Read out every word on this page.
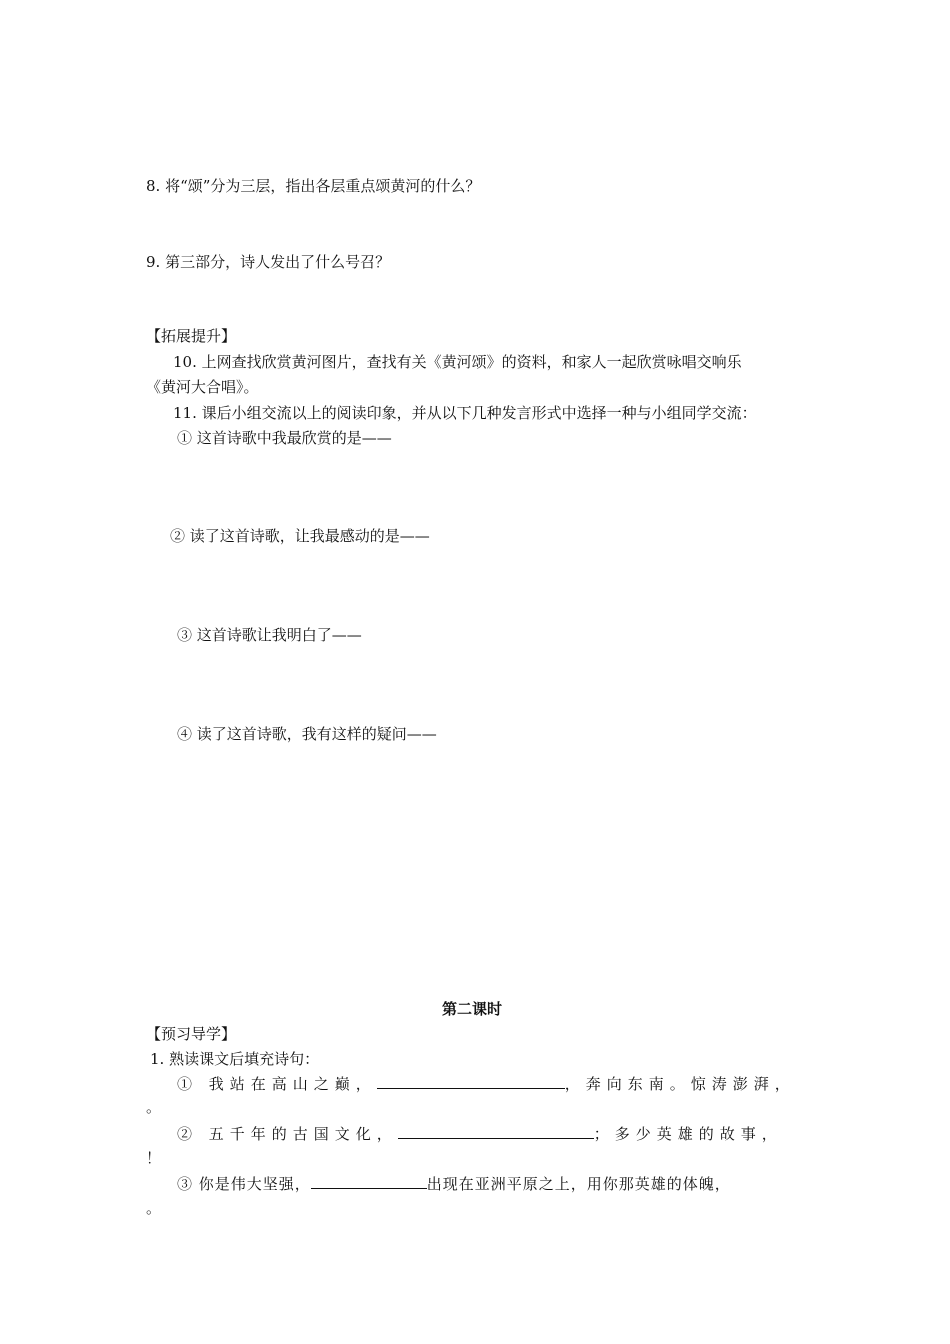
8. 将“颂”分为三层，指出各层重点颂黄河的什么？
9. 第三部分，诗人发出了什么号召？
【拓展提升】
10. 上网查找欣赏黄河图片，查找有关《黄河颂》的资料，和家人一起欣赏咏唱交响乐
《黄河大合唱》。
11. 课后小组交流以上的阅读印象，并从以下几种发言形式中选择一种与小组同学交流：
① 这首诗歌中我最欣赏的是——
② 读了这首诗歌，让我最感动的是——
③ 这首诗歌让我明白了——
④ 读了这首诗歌，我有这样的疑问——
第二课时
【预习导学】
1. 熟读课文后填充诗句：
① 我站在高山之巅，	，奔向东南。惊涛澎湃，
。
② 五千年的古国文化，	；多少英雄的故事，
！
③ 你是伟大坚强，	出现在亚洲平原之上，用你那英雄的体魄，
。
